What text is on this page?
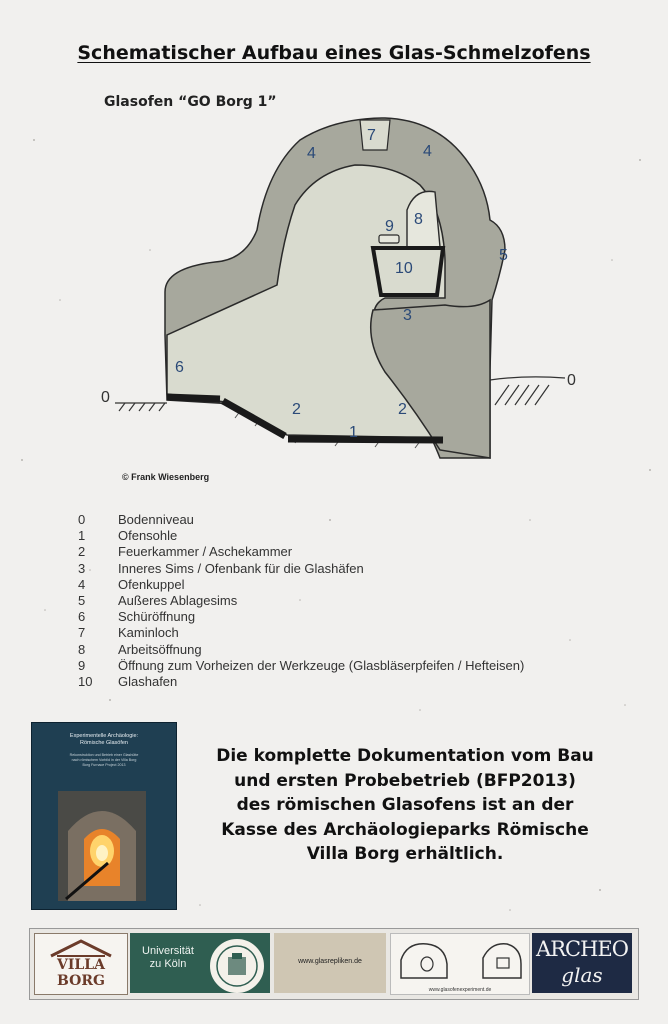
Schematischer Aufbau eines Glas-Schmelzofens
Glasofen “GO Borg 1”
0
0
1
2	2
3
4	4
5
6
7
8
9
10
© Frank Wiesenberg
0	Bodenniveau
1	Ofensohle
2	Feuerkammer / Aschekammer
3	Inneres Sims / Ofenbank für die Glashäfen
4	Ofenkuppel
5	Außeres Ablagesims
6	Schüröffnung
7	Kaminloch
8	Arbeitsöffnung
9	Öffnung zum Vorheizen der Werkzeuge (Glasbläserpfeifen / Hefteisen)
10	Glashafen
Experimentelle Archäologie:
Römische Glasöfen
Rekonstruktion und Betrieb einer Glashütte
nach römischem Vorbild in der Villa Borg
Borg Furnace Project 2013	Die komplette Dokumentation vom Bau
und ersten Probebetrieb (BFP2013)
des römischen Glasofens ist an der
Kasse des Archäologieparks Römische
Villa Borg erhältlich.
VILLA
BORG
Universität
zu Köln	www.glasrepliken.de
www.glasofenexperiment.de
ARCHEO
glas
